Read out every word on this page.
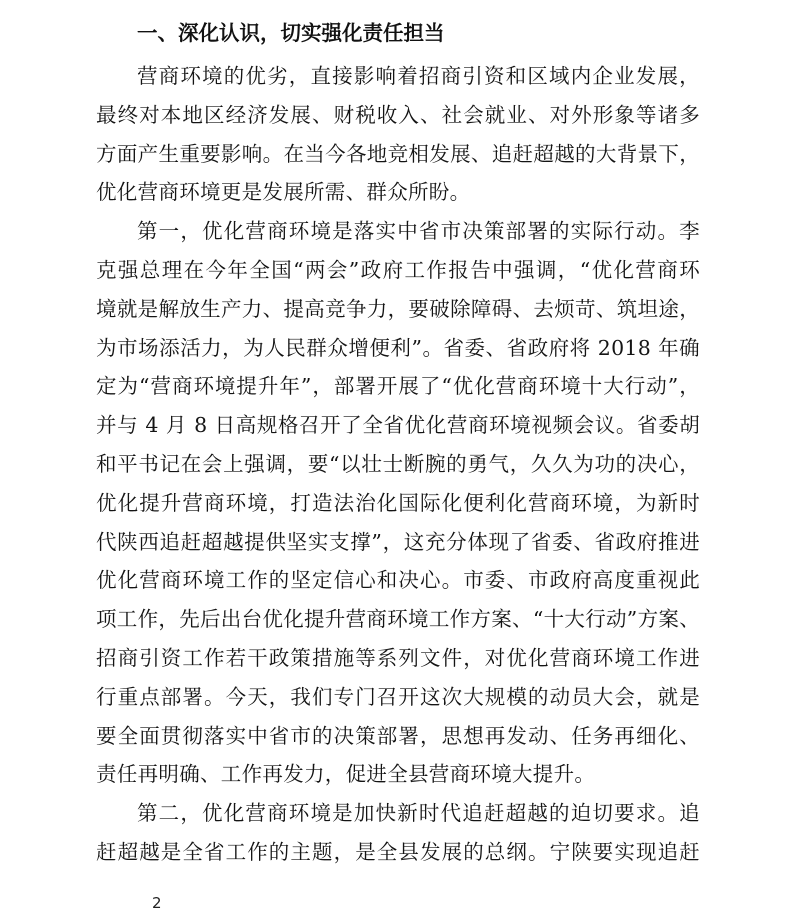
一、深化认识，切实强化责任担当
营商环境的优劣，直接影响着招商引资和区域内企业发展，
最终对本地区经济发展、财税收入、社会就业、对外形象等诸多
方面产生重要影响。在当今各地竞相发展、追赶超越的大背景下，
优化营商环境更是发展所需、群众所盼。
第一，优化营商环境是落实中省市决策部署的实际行动。李
克强总理在今年全国“两会”政府工作报告中强调，“优化营商环
境就是解放生产力、提高竞争力，要破除障碍、去烦苛、筑坦途，
为市场添活力，为人民群众增便利”。省委、省政府将 2018 年确
定为“营商环境提升年”，部署开展了“优化营商环境十大行动”，
并与 4 月 8 日高规格召开了全省优化营商环境视频会议。省委胡
和平书记在会上强调，要“以壮士断腕的勇气，久久为功的决心，
优化提升营商环境，打造法治化国际化便利化营商环境，为新时
代陕西追赶超越提供坚实支撑”，这充分体现了省委、省政府推进
优化营商环境工作的坚定信心和决心。市委、市政府高度重视此
项工作，先后出台优化提升营商环境工作方案、“十大行动”方案、
招商引资工作若干政策措施等系列文件，对优化营商环境工作进
行重点部署。今天，我们专门召开这次大规模的动员大会，就是
要全面贯彻落实中省市的决策部署，思想再发动、任务再细化、
责任再明确、工作再发力，促进全县营商环境大提升。
第二，优化营商环境是加快新时代追赶超越的迫切要求。追
赶超越是全省工作的主题，是全县发展的总纲。宁陕要实现追赶
2
